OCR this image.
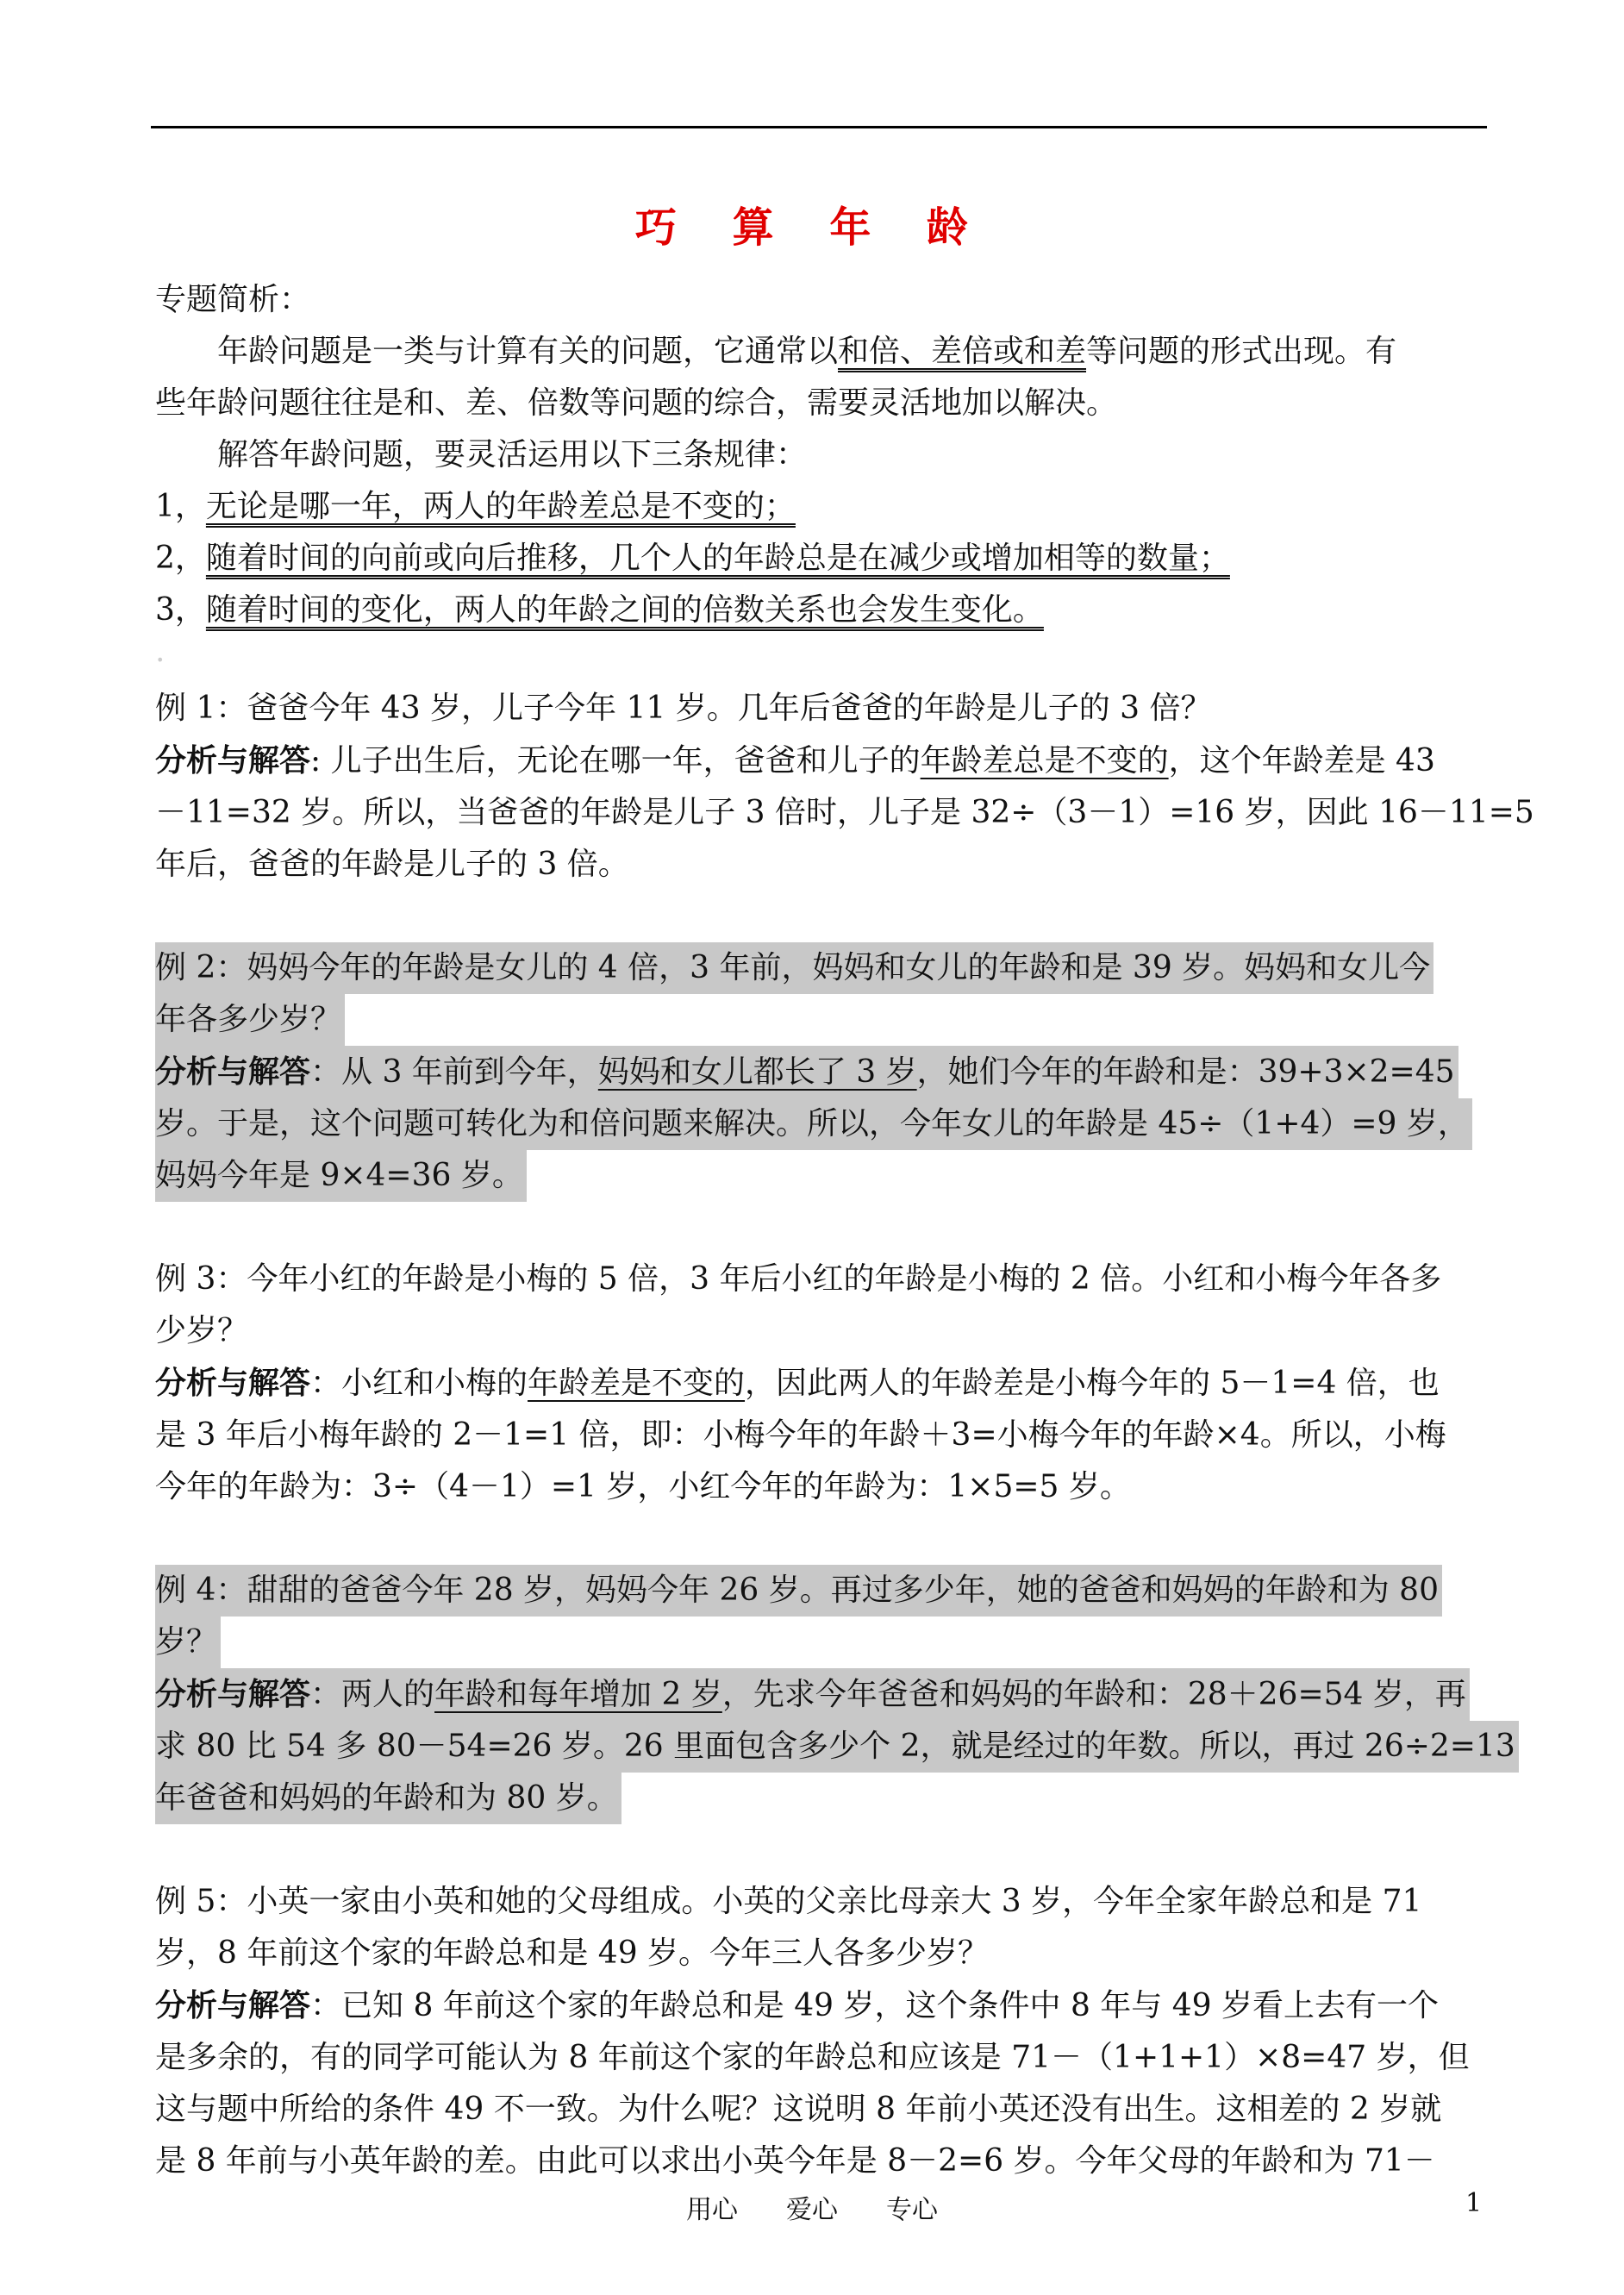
巧 算 年 龄
专题简析：
年龄问题是一类与计算有关的问题，它通常以和倍、差倍或和差等问题的形式出现。有
些年龄问题往往是和、差、倍数等问题的综合，需要灵活地加以解决。
解答年龄问题，要灵活运用以下三条规律：
1，无论是哪一年，两人的年龄差总是不变的；
2，随着时间的向前或向后推移，几个人的年龄总是在减少或增加相等的数量；
3，随着时间的变化，两人的年龄之间的倍数关系也会发生变化。
.
例 1：爸爸今年 43 岁，儿子今年 11 岁。几年后爸爸的年龄是儿子的 3 倍？
分析与解答: 儿子出生后，无论在哪一年，爸爸和儿子的年龄差总是不变的，这个年龄差是 43
－11=32 岁。所以，当爸爸的年龄是儿子 3 倍时，儿子是 32÷（3－1）=16 岁，因此 16－11=5
年后，爸爸的年龄是儿子的 3 倍。
例 2：妈妈今年的年龄是女儿的 4 倍，3 年前，妈妈和女儿的年龄和是 39 岁。妈妈和女儿今
年各多少岁？
分析与解答：从 3 年前到今年，妈妈和女儿都长了 3 岁，她们今年的年龄和是：39+3×2=45
岁。于是，这个问题可转化为和倍问题来解决。所以，今年女儿的年龄是 45÷（1+4）=9 岁，
妈妈今年是 9×4=36 岁。
例 3：今年小红的年龄是小梅的 5 倍，3 年后小红的年龄是小梅的 2 倍。小红和小梅今年各多
少岁？
分析与解答：小红和小梅的年龄差是不变的，因此两人的年龄差是小梅今年的 5－1=4 倍，也
是 3 年后小梅年龄的 2－1=1 倍，即：小梅今年的年龄＋3=小梅今年的年龄×4。所以，小梅
今年的年龄为：3÷（4－1）=1 岁，小红今年的年龄为：1×5=5 岁。
例 4：甜甜的爸爸今年 28 岁，妈妈今年 26 岁。再过多少年，她的爸爸和妈妈的年龄和为 80
岁？
分析与解答：两人的年龄和每年增加 2 岁，先求今年爸爸和妈妈的年龄和：28＋26=54 岁，再
求 80 比 54 多 80－54=26 岁。26 里面包含多少个 2，就是经过的年数。所以，再过 26÷2=13
年爸爸和妈妈的年龄和为 80 岁。
例 5：小英一家由小英和她的父母组成。小英的父亲比母亲大 3 岁，今年全家年龄总和是 71
岁，8 年前这个家的年龄总和是 49 岁。今年三人各多少岁？
分析与解答：已知 8 年前这个家的年龄总和是 49 岁，这个条件中 8 年与 49 岁看上去有一个
是多余的，有的同学可能认为 8 年前这个家的年龄总和应该是 71－（1+1+1）×8=47 岁，但
这与题中所给的条件 49 不一致。为什么呢？这说明 8 年前小英还没有出生。这相差的 2 岁就
是 8 年前与小英年龄的差。由此可以求出小英今年是 8－2=6 岁。今年父母的年龄和为 71－
用心 爱心 专心	1
